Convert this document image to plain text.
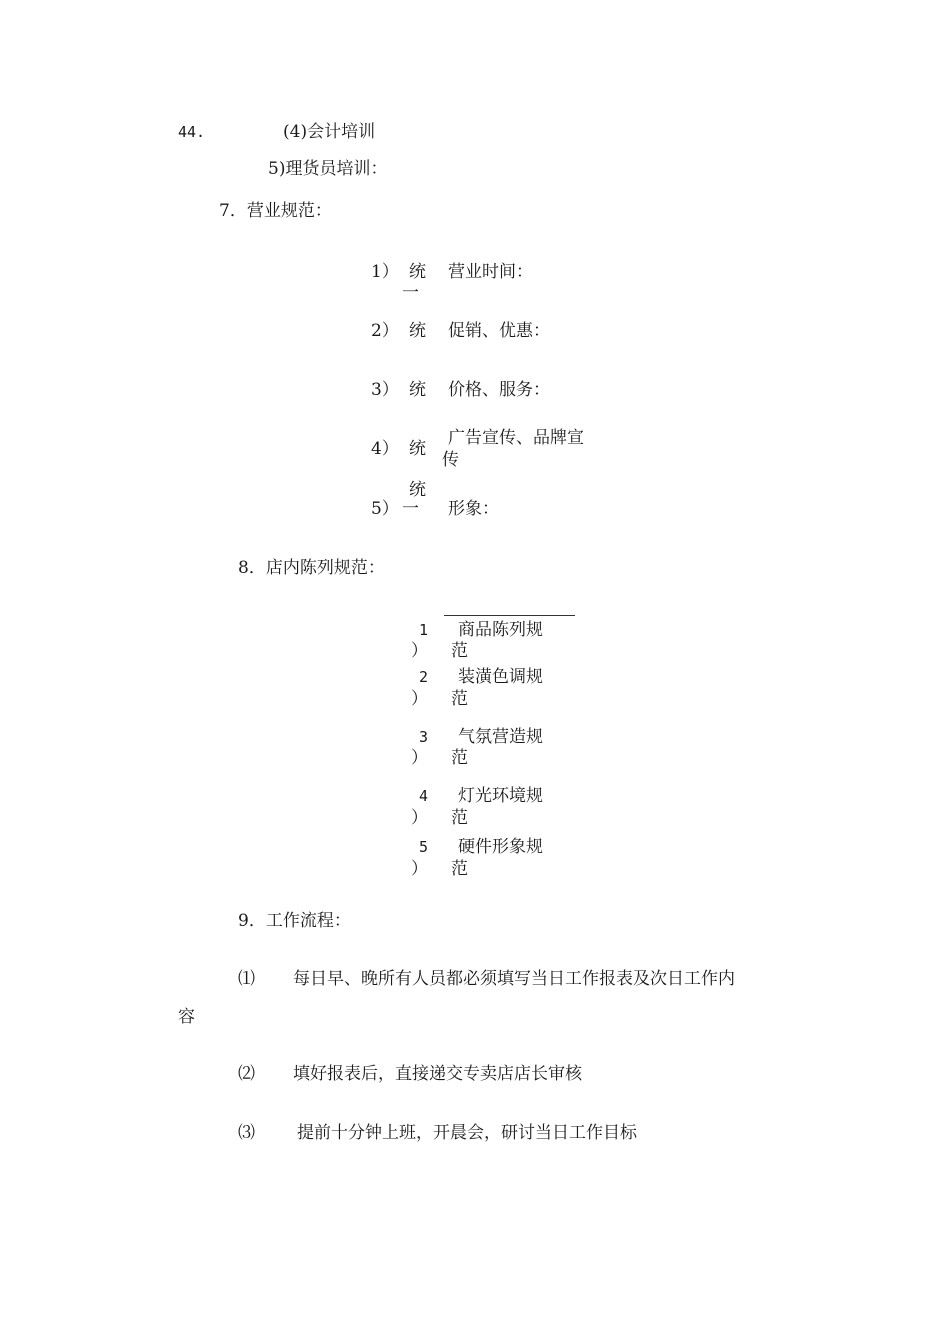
44.	(4)会计培训
5)理货员培训：
7．营业规范：
1） 统
一
营业时间：
2） 统 促销、优惠：
3） 统 价格、服务：
4） 统
广告宣传、品牌宣
传
统
5） 一 形象：
8．店内陈列规范：
1
）
商品陈列规
范
2
）
装潢色调规
范
3
）
气氛营造规
范
4
）
灯光环境规
范
5
）
硬件形象规
范
9．工作流程：
⑴ 每日早、晚所有人员都必须填写当日工作报表及次日工作内
容
⑵ 填好报表后，直接递交专卖店店长审核
⑶ 提前十分钟上班，开晨会，研讨当日工作目标
